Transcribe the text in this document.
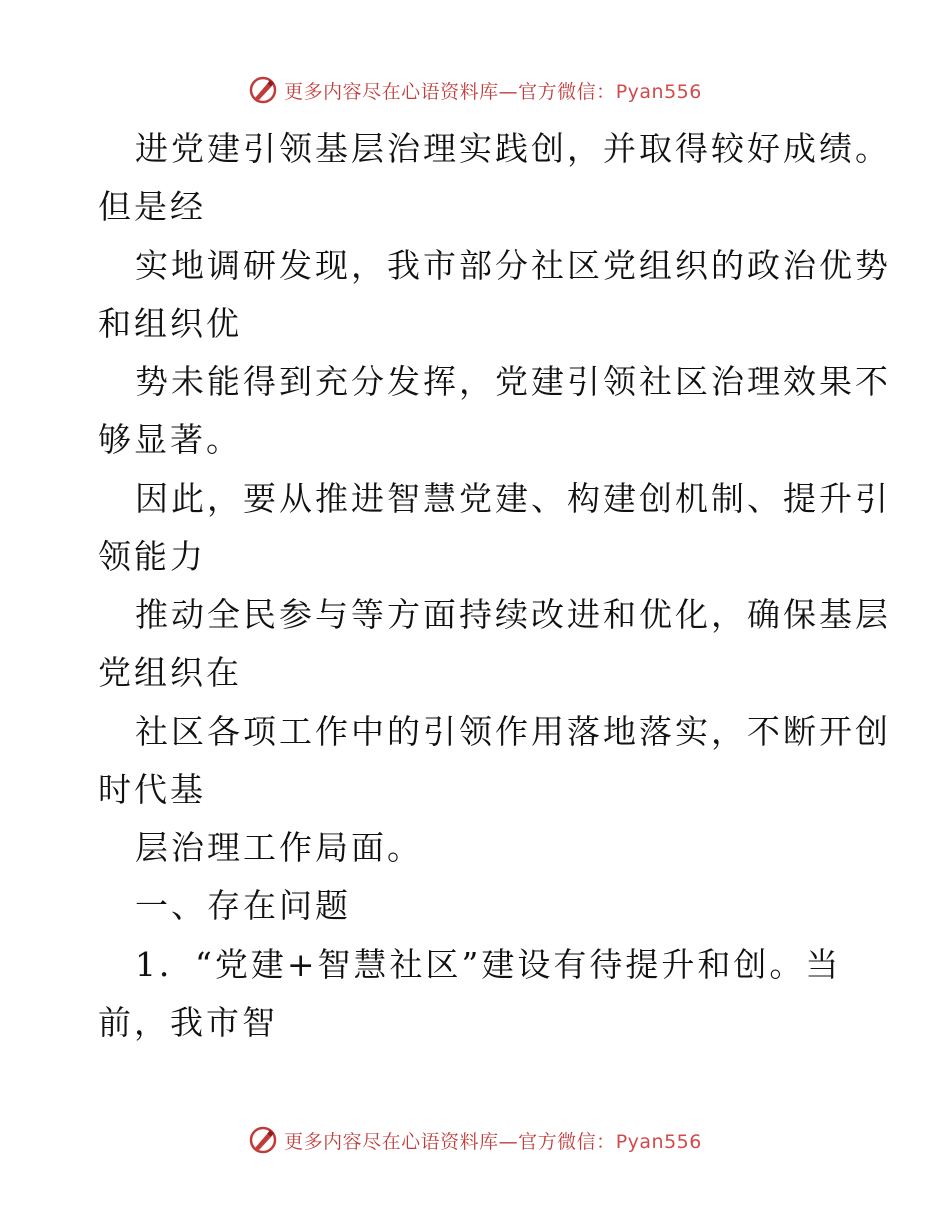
更多内容尽在心语资料库—官方微信：Pyan556
进党建引领基层治理实践创，并取得较好成绩。
但是经
实地调研发现，我市部分社区党组织的政治优势
和组织优
势未能得到充分发挥，党建引领社区治理效果不
够显著。
因此，要从推进智慧党建、构建创机制、提升引
领能力
推动全民参与等方面持续改进和优化，确保基层
党组织在
社区各项工作中的引领作用落地落实，不断开创
时代基
层治理工作局面。
一、存在问题
1．“党建+智慧社区”建设有待提升和创。当
前，我市智
更多内容尽在心语资料库—官方微信：Pyan556
